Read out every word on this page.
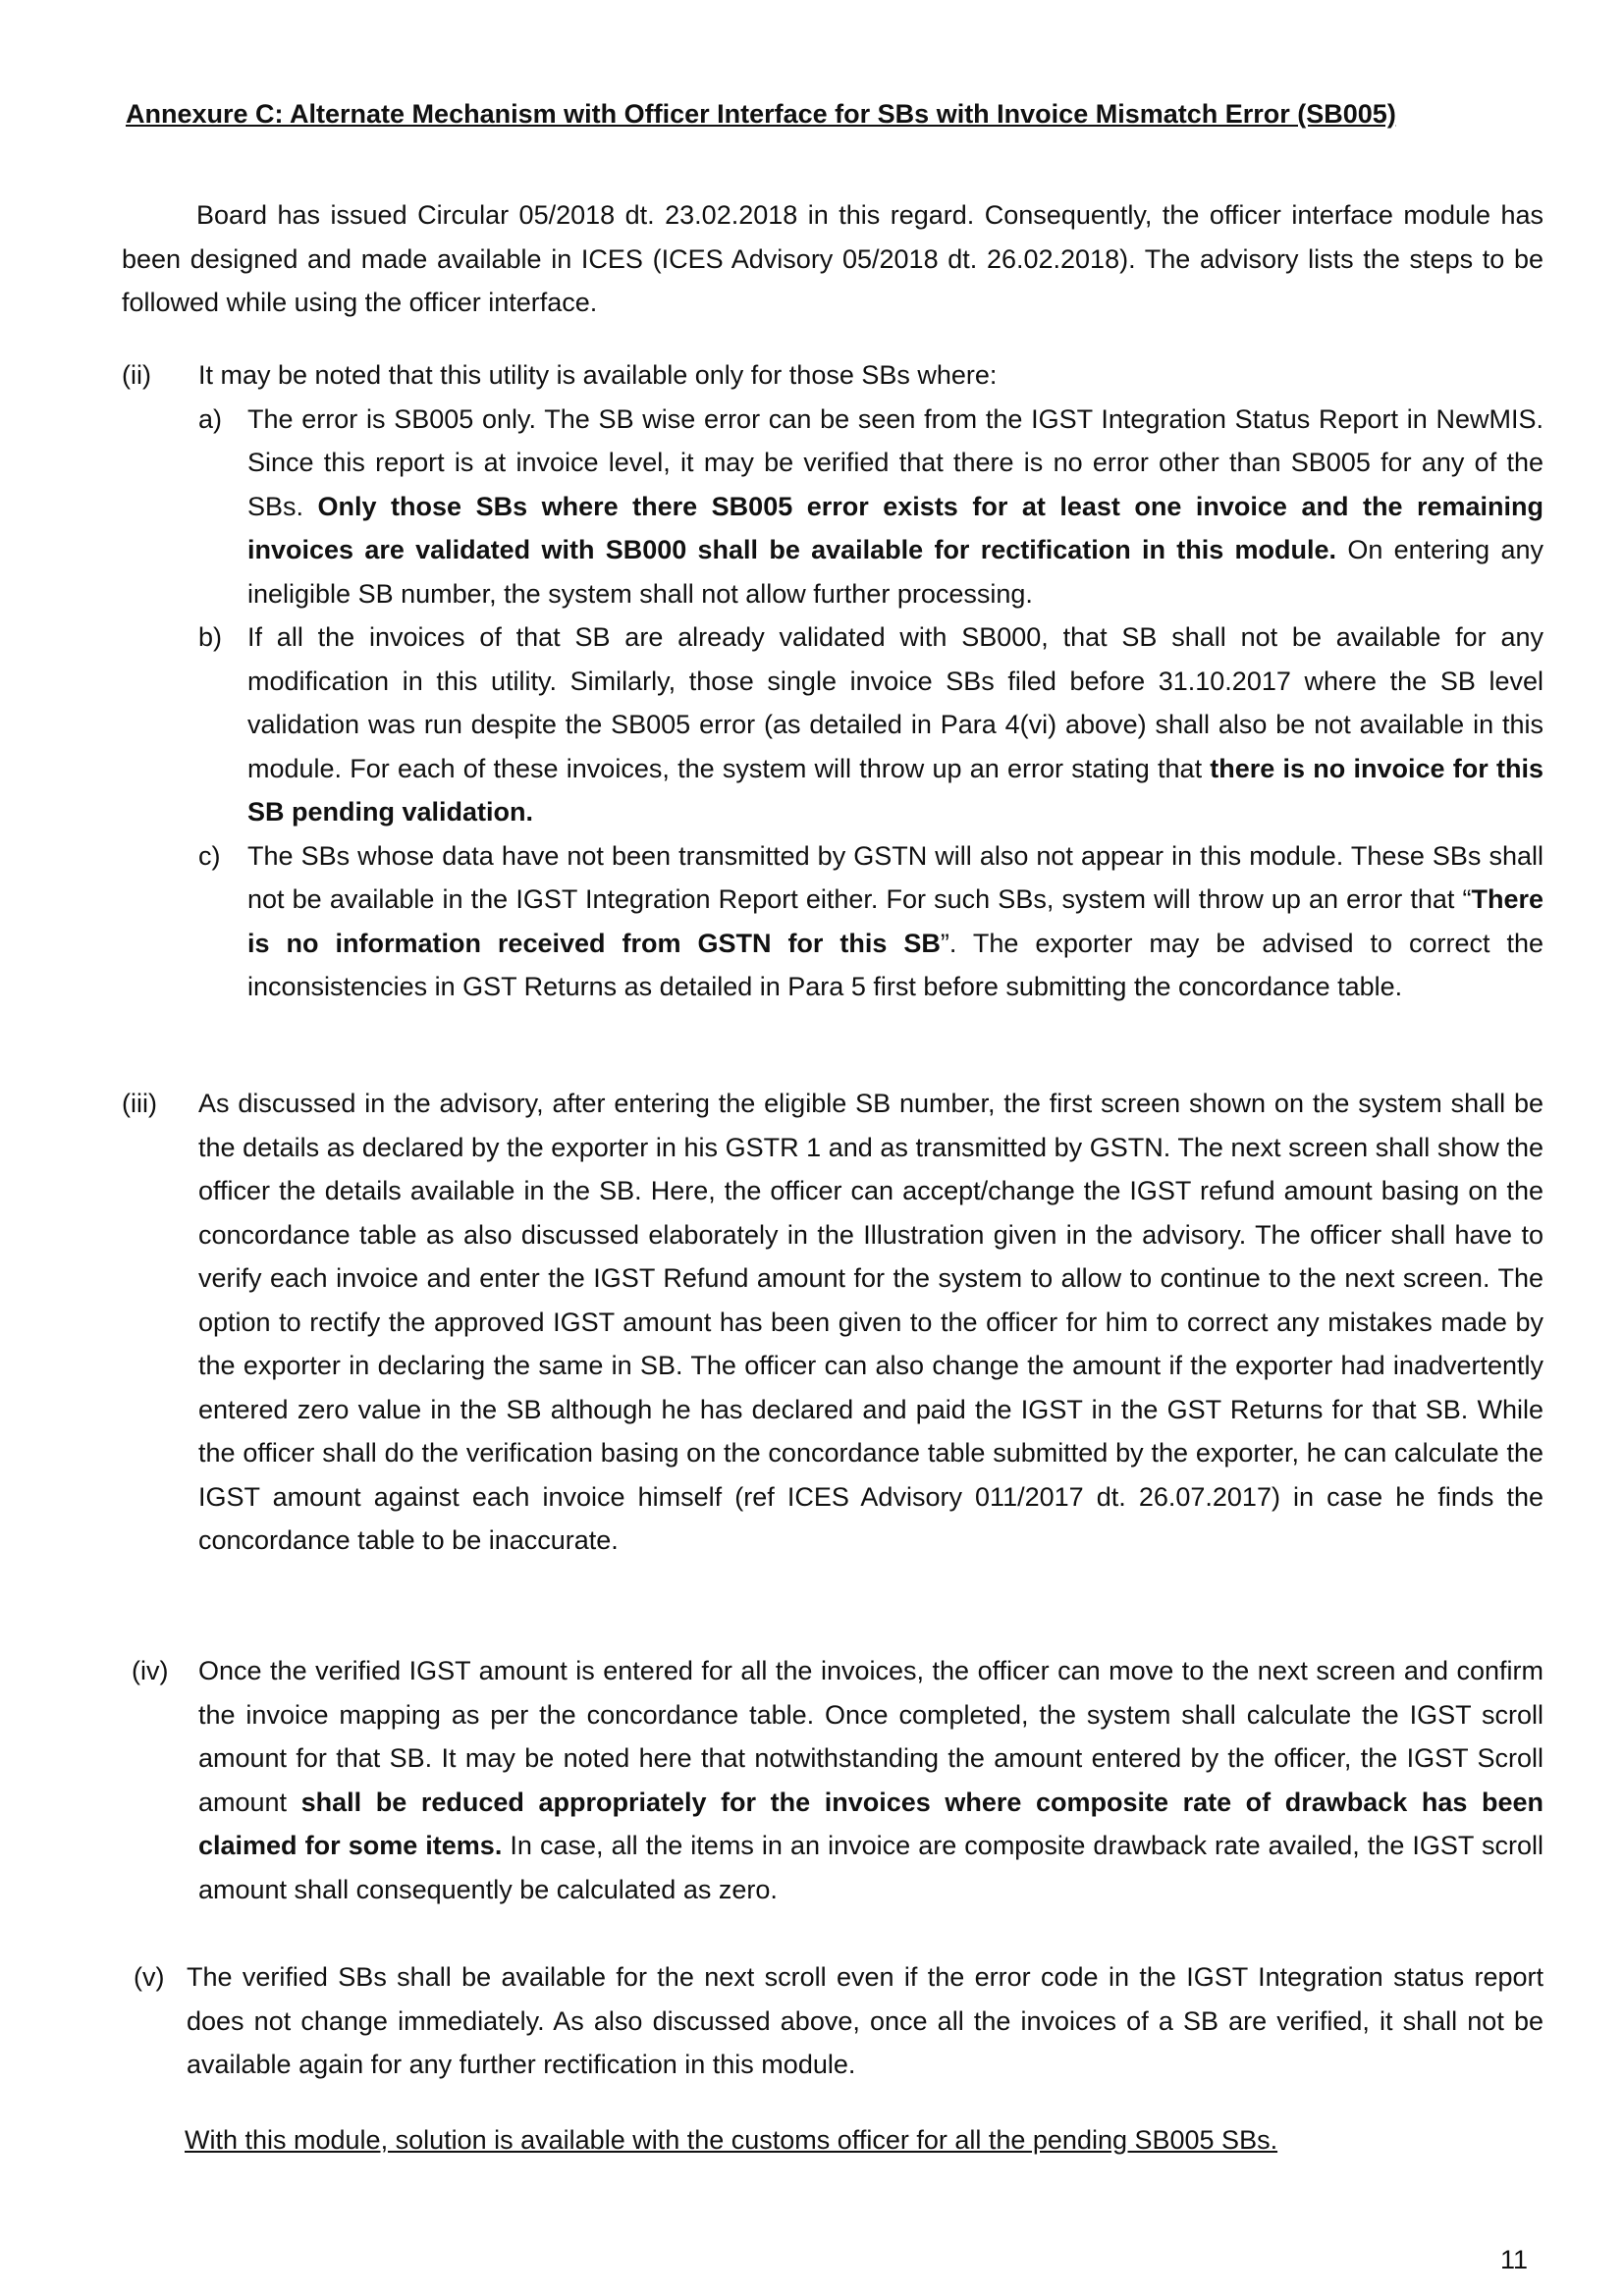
Annexure C: Alternate Mechanism with Officer Interface for SBs with Invoice Mismatch Error (SB005)
Board has issued Circular 05/2018 dt. 23.02.2018 in this regard. Consequently, the officer interface module has been designed and made available in ICES (ICES Advisory 05/2018 dt. 26.02.2018). The advisory lists the steps to be followed while using the officer interface.
(ii) It may be noted that this utility is available only for those SBs where:
a) The error is SB005 only. The SB wise error can be seen from the IGST Integration Status Report in NewMIS. Since this report is at invoice level, it may be verified that there is no error other than SB005 for any of the SBs. Only those SBs where there SB005 error exists for at least one invoice and the remaining invoices are validated with SB000 shall be available for rectification in this module. On entering any ineligible SB number, the system shall not allow further processing.
b) If all the invoices of that SB are already validated with SB000, that SB shall not be available for any modification in this utility. Similarly, those single invoice SBs filed before 31.10.2017 where the SB level validation was run despite the SB005 error (as detailed in Para 4(vi) above) shall also be not available in this module. For each of these invoices, the system will throw up an error stating that there is no invoice for this SB pending validation.
c) The SBs whose data have not been transmitted by GSTN will also not appear in this module. These SBs shall not be available in the IGST Integration Report either. For such SBs, system will throw up an error that “There is no information received from GSTN for this SB”. The exporter may be advised to correct the inconsistencies in GST Returns as detailed in Para 5 first before submitting the concordance table.
(iii) As discussed in the advisory, after entering the eligible SB number, the first screen shown on the system shall be the details as declared by the exporter in his GSTR 1 and as transmitted by GSTN. The next screen shall show the officer the details available in the SB. Here, the officer can accept/change the IGST refund amount basing on the concordance table as also discussed elaborately in the Illustration given in the advisory. The officer shall have to verify each invoice and enter the IGST Refund amount for the system to allow to continue to the next screen. The option to rectify the approved IGST amount has been given to the officer for him to correct any mistakes made by the exporter in declaring the same in SB. The officer can also change the amount if the exporter had inadvertently entered zero value in the SB although he has declared and paid the IGST in the GST Returns for that SB. While the officer shall do the verification basing on the concordance table submitted by the exporter, he can calculate the IGST amount against each invoice himself (ref ICES Advisory 011/2017 dt. 26.07.2017) in case he finds the concordance table to be inaccurate.
(iv) Once the verified IGST amount is entered for all the invoices, the officer can move to the next screen and confirm the invoice mapping as per the concordance table. Once completed, the system shall calculate the IGST scroll amount for that SB. It may be noted here that notwithstanding the amount entered by the officer, the IGST Scroll amount shall be reduced appropriately for the invoices where composite rate of drawback has been claimed for some items. In case, all the items in an invoice are composite drawback rate availed, the IGST scroll amount shall consequently be calculated as zero.
(v) The verified SBs shall be available for the next scroll even if the error code in the IGST Integration status report does not change immediately. As also discussed above, once all the invoices of a SB are verified, it shall not be available again for any further rectification in this module.
With this module, solution is available with the customs officer for all the pending SB005 SBs.
11
